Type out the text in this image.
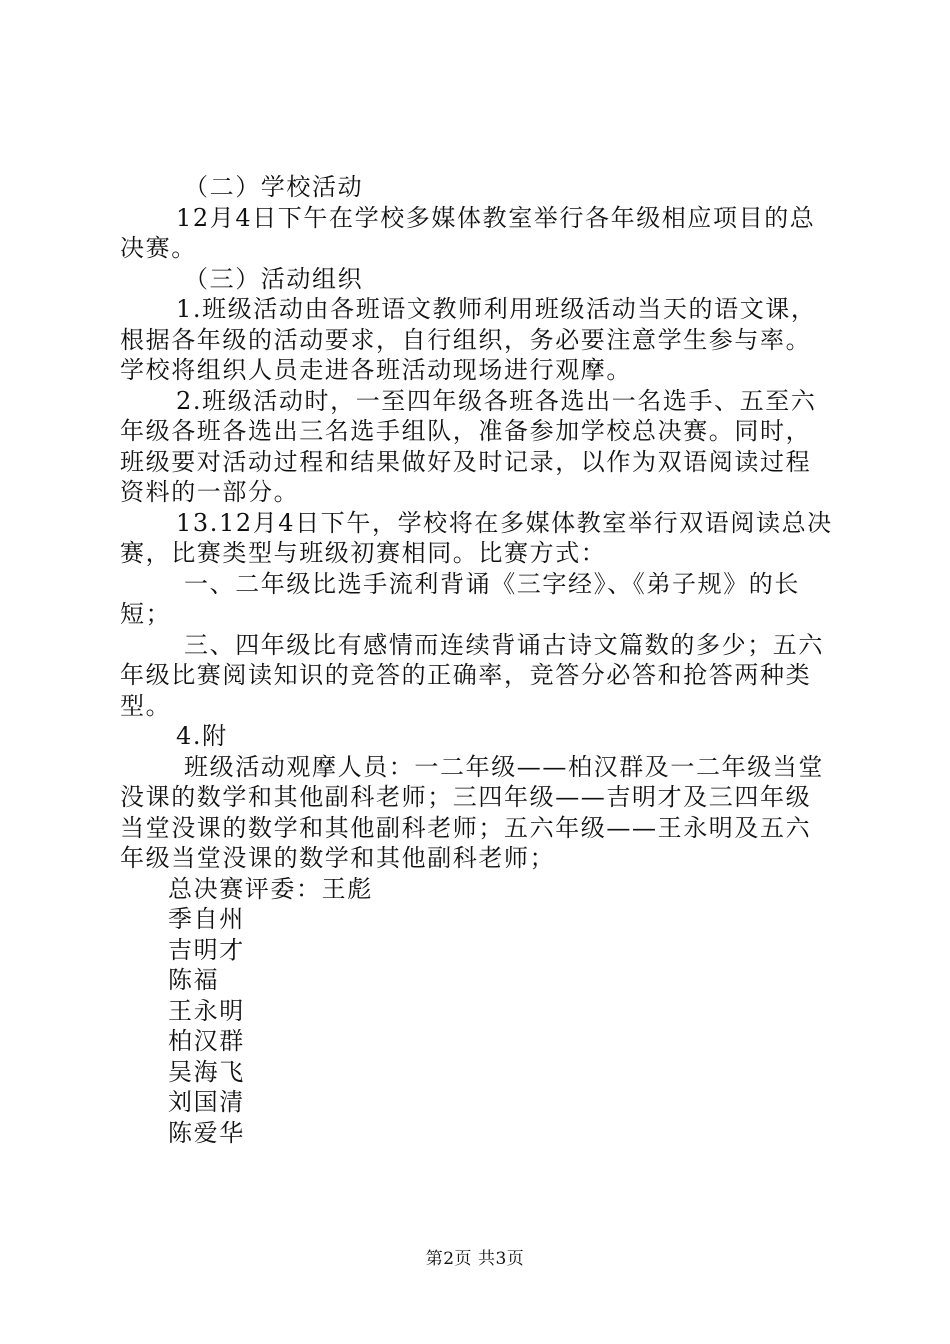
（二）学校活动

12月4日下午在学校多媒体教室举行各年级相应项目的总

决赛。

（三）活动组织

1.班级活动由各班语文教师利用班级活动当天的语文课，

根据各年级的活动要求，自行组织，务必要注意学生参与率。

学校将组织人员走进各班活动现场进行观摩。

2.班级活动时，一至四年级各班各选出一名选手、五至六

年级各班各选出三名选手组队，准备参加学校总决赛。同时，

班级要对活动过程和结果做好及时记录，以作为双语阅读过程

资料的一部分。

13.12月4日下午，学校将在多媒体教室举行双语阅读总决

赛，比赛类型与班级初赛相同。比赛方式：

一、二年级比选手流利背诵《三字经》、《弟子规》的长

短；

三、四年级比有感情而连续背诵古诗文篇数的多少；五六

年级比赛阅读知识的竞答的正确率，竞答分必答和抢答两种类

型。

4.附

班级活动观摩人员：一二年级——柏汉群及一二年级当堂

没课的数学和其他副科老师；三四年级——吉明才及三四年级

当堂没课的数学和其他副科老师；五六年级——王永明及五六

年级当堂没课的数学和其他副科老师；

总决赛评委：王彪

季自州

吉明才

陈福

王永明

柏汉群

吴海飞

刘国清

陈爱华

第2页 共3页
